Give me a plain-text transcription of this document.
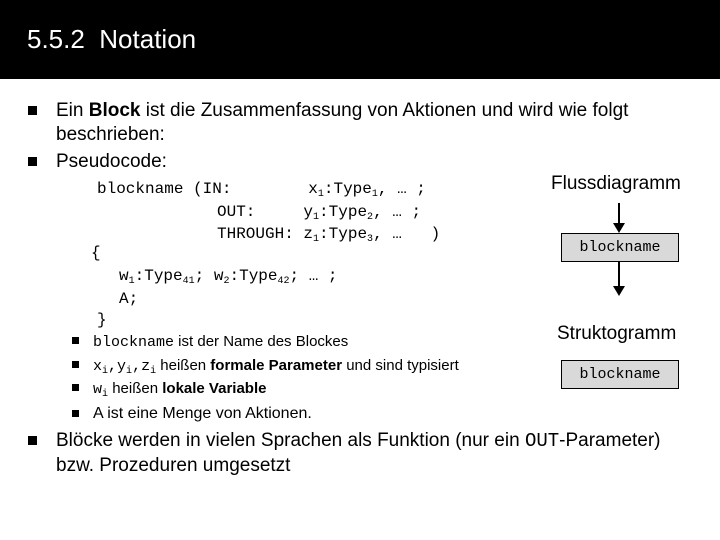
5.5.2  Notation
Ein Block ist die Zusammenfassung von Aktionen und wird wie folgt
beschrieben:
Pseudocode:
blockname (IN:        $x_1:Type_1$, … ;
OUT:     $y_1:Type_2$, … ;
THROUGH: $z_1:Type_3$, …   )
{
$w_1:Type_{41}$; $w_2:Type_{42}$; … ;
A;
}
blockname ist der Name des Blockes
$x_i,y_i,z_i$ heißen formale Parameter und sind typisiert
$w_i$ heißen lokale Variable
A ist eine Menge von Aktionen.
Blöcke werden in vielen Sprachen als Funktion (nur ein OUT-Parameter)
bzw. Prozeduren umgesetzt
Flussdiagramm
blockname
Struktogramm
blockname
